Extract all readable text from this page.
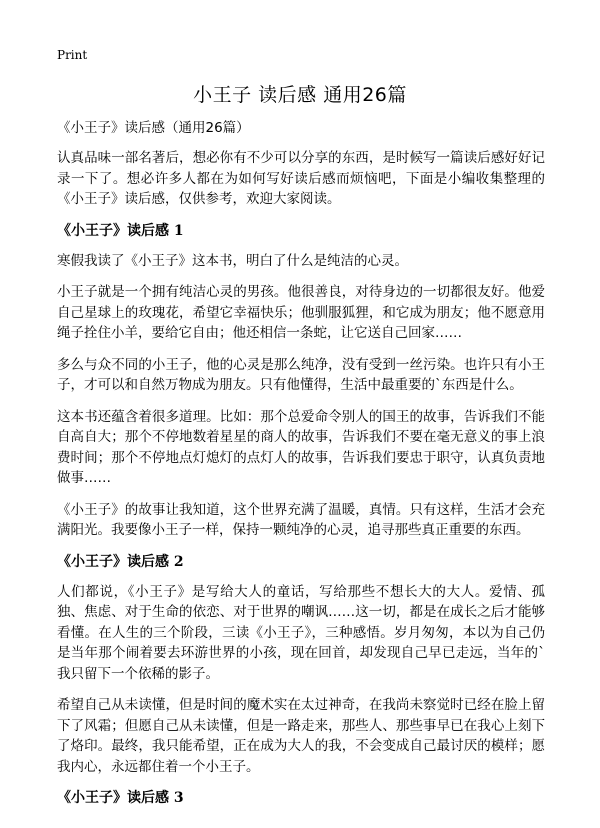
Print
小王子 读后感 通用26篇
《小王子》读后感（通用26篇）

认真品味一部名著后，想必你有不少可以分享的东西，是时候写一篇读后感好好记录一下了。想必许多人都在为如何写好读后感而烦恼吧，下面是小编收集整理的《小王子》读后感，仅供参考，欢迎大家阅读。

《小王子》读后感 1

寒假我读了《小王子》这本书，明白了什么是纯洁的心灵。

小王子就是一个拥有纯洁心灵的男孩。他很善良，对待身边的一切都很友好。他爱自己星球上的玫瑰花，希望它幸福快乐；他驯服狐狸，和它成为朋友；他不愿意用绳子拴住小羊，要给它自由；他还相信一条蛇，让它送自己回家……

多么与众不同的小王子，他的心灵是那么纯净，没有受到一丝污染。也许只有小王子，才可以和自然万物成为朋友。只有他懂得，生活中最重要的`东西是什么。

这本书还蕴含着很多道理。比如：那个总爱命令别人的国王的故事，告诉我们不能自高自大；那个不停地数着星星的商人的故事，告诉我们不要在毫无意义的事上浪费时间；那个不停地点灯熄灯的点灯人的故事，告诉我们要忠于职守，认真负责地做事……

《小王子》的故事让我知道，这个世界充满了温暖，真情。只有这样，生活才会充满阳光。我要像小王子一样，保持一颗纯净的心灵，追寻那些真正重要的东西。

《小王子》读后感 2

人们都说，《小王子》是写给大人的童话，写给那些不想长大的大人。爱情、孤独、焦虑、对于生命的依恋、对于世界的嘲讽……这一切，都是在成长之后才能够看懂。在人生的三个阶段，三读《小王子》，三种感悟。岁月匆匆，本以为自己仍是当年那个闹着要去环游世界的小孩，现在回首，却发现自己早已走远，当年的`我只留下一个依稀的影子。

希望自己从未读懂，但是时间的魔术实在太过神奇，在我尚未察觉时已经在脸上留下了风霜；但愿自己从未读懂，但是一路走来，那些人、那些事早已在我心上刻下了烙印。最终，我只能希望，正在成为大人的我，不会变成自己最讨厌的模样；愿我内心，永远都住着一个小王子。

《小王子》读后感 3
